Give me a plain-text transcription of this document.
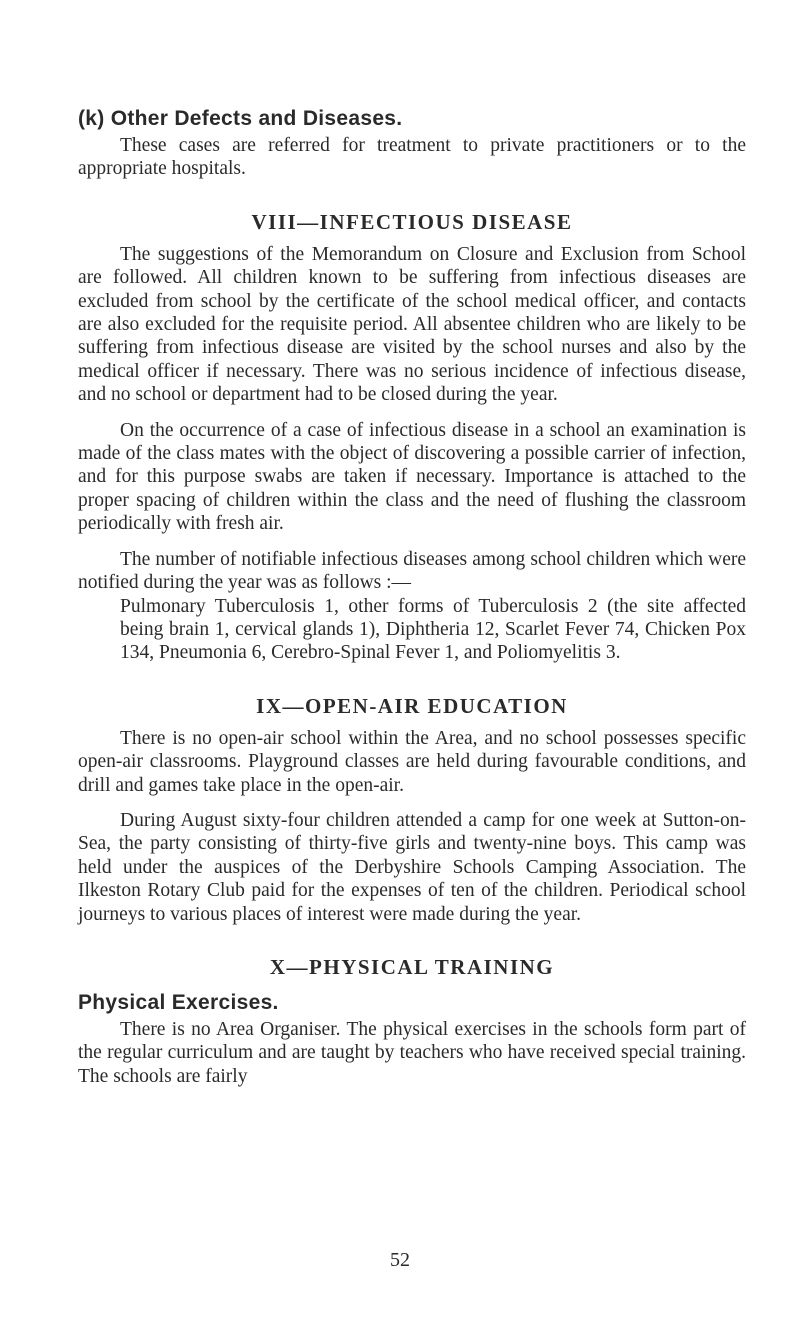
(k) Other Defects and Diseases.

These cases are referred for treatment to private practitioners or to the appropriate hospitals.

VIII—INFECTIOUS DISEASE

The suggestions of the Memorandum on Closure and Exclusion from School are followed. All children known to be suffering from infectious diseases are excluded from school by the certificate of the school medical officer, and contacts are also excluded for the requisite period. All absentee children who are likely to be suffering from infectious disease are visited by the school nurses and also by the medical officer if necessary. There was no serious incidence of infectious disease, and no school or department had to be closed during the year.

On the occurrence of a case of infectious disease in a school an examination is made of the class mates with the object of discovering a possible carrier of infection, and for this purpose swabs are taken if necessary. Importance is attached to the proper spacing of children within the class and the need of flushing the classroom periodically with fresh air.

The number of notifiable infectious diseases among school children which were notified during the year was as follows :—

Pulmonary Tuberculosis 1, other forms of Tuberculosis 2 (the site affected being brain 1, cervical glands 1), Diphtheria 12, Scarlet Fever 74, Chicken Pox 134, Pneumonia 6, Cerebro-Spinal Fever 1, and Poliomyelitis 3.

IX—OPEN-AIR EDUCATION

There is no open-air school within the Area, and no school possesses specific open-air classrooms. Playground classes are held during favourable conditions, and drill and games take place in the open-air.

During August sixty-four children attended a camp for one week at Sutton-on-Sea, the party consisting of thirty-five girls and twenty-nine boys. This camp was held under the auspices of the Derbyshire Schools Camping Association. The Ilkeston Rotary Club paid for the expenses of ten of the children. Periodical school journeys to various places of interest were made during the year.

X—PHYSICAL TRAINING
Physical Exercises.

There is no Area Organiser. The physical exercises in the schools form part of the regular curriculum and are taught by teachers who have received special training. The schools are fairly

52
